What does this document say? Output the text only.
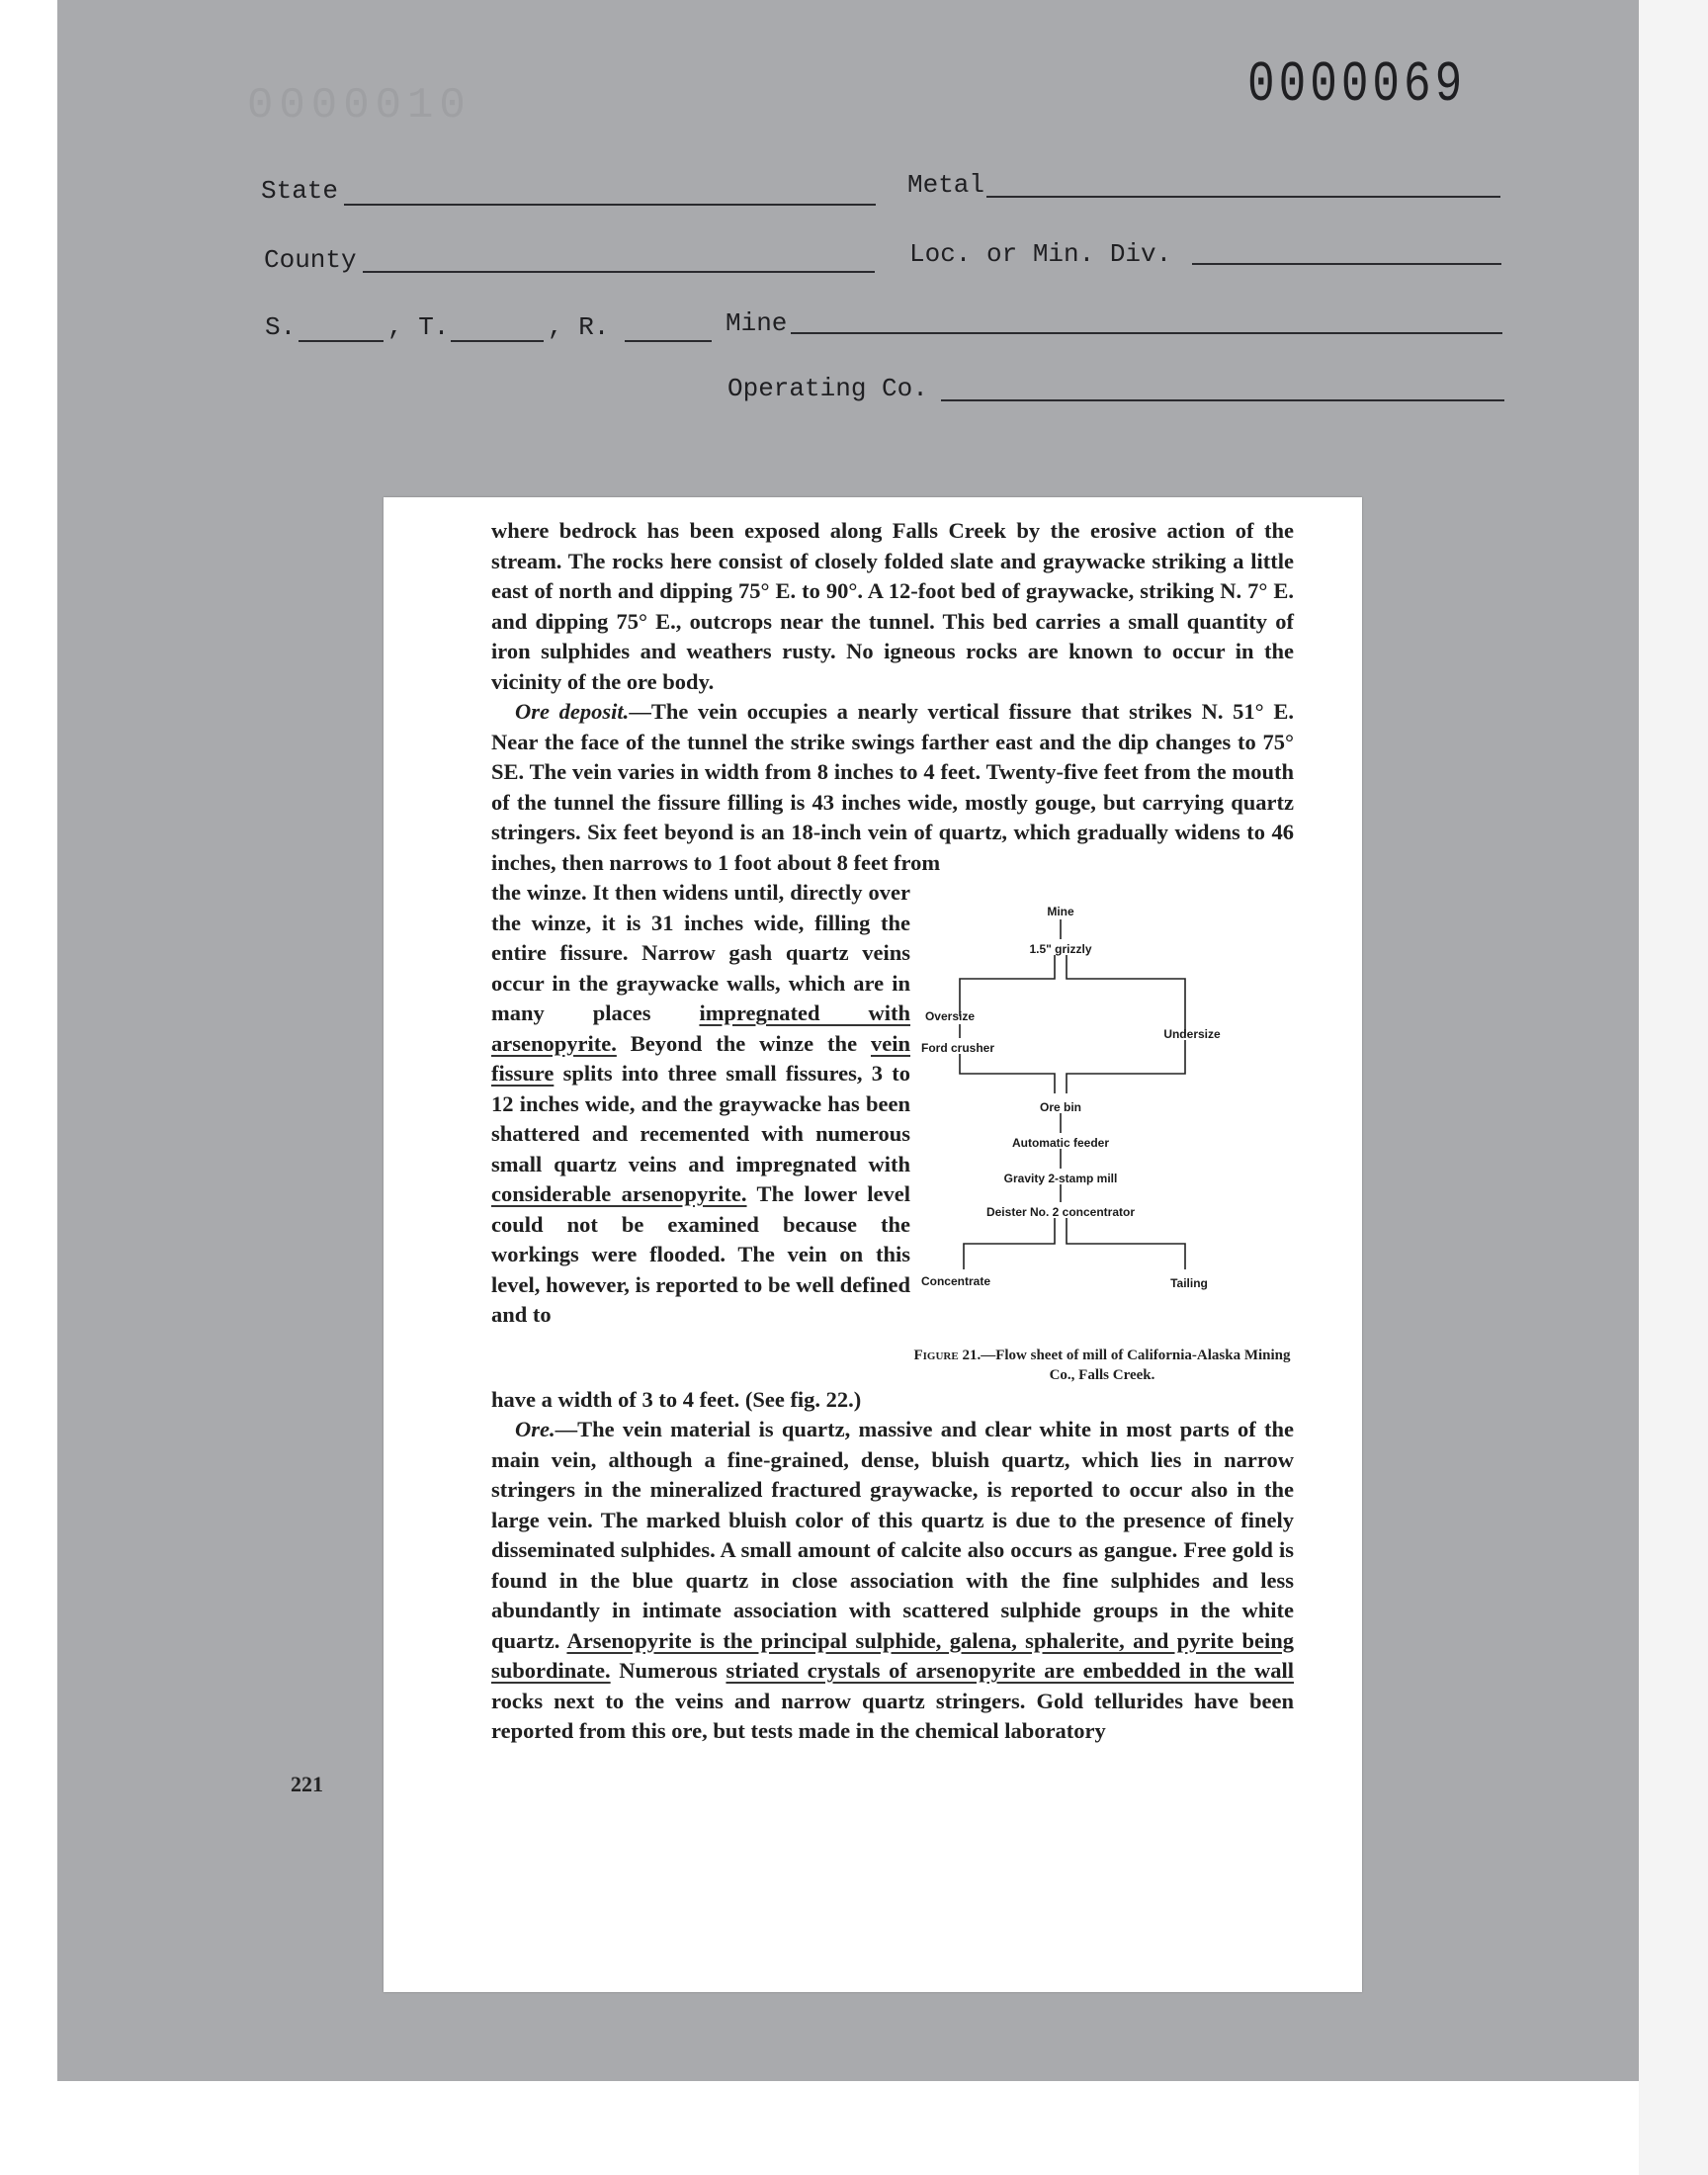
0000010	0000069
State	Metal
County	Loc. or Min. Div.
S.	, T.	, R.	Mine
Operating Co.

where bedrock has been exposed along Falls Creek by the erosive action of the stream. The rocks here consist of closely folded slate and graywacke striking a little east of north and dipping 75° E. to 90°. A 12-foot bed of graywacke, striking N. 7° E. and dipping 75° E., outcrops near the tunnel. This bed carries a small quantity of iron sulphides and weathers rusty. No igneous rocks are known to occur in the vicinity of the ore body.

Ore deposit.—The vein occupies a nearly vertical fissure that strikes N. 51° E. Near the face of the tunnel the strike swings farther east and the dip changes to 75° SE. The vein varies in width from 8 inches to 4 feet. Twenty-five feet from the mouth of the tunnel the fissure filling is 43 inches wide, mostly gouge, but carrying quartz stringers. Six feet beyond is an 18-inch vein of quartz, which gradually widens to 46 inches, then narrows to 1 foot about 8 feet from

the winze. It then widens until, directly over the winze, it is 31 inches wide, filling the entire fissure. Narrow gash quartz veins occur in the graywacke walls, which are in many places impregnated with arsenopyrite. Beyond the winze the vein fissure splits into three small fissures, 3 to 12 inches wide, and the graywacke has been shattered and recemented with numerous small quartz veins and impregnated with considerable arsenopyrite. The lower level could not be examined because the workings were flooded. The vein on this level, however, is reported to be well defined and to
Mine
1.5" grizzly
Oversize
Undersize
Ford crusher
Ore bin
Automatic feeder
Gravity 2-stamp mill
Deister No. 2 concentrator
Concentrate	Tailing
Figure 21.—Flow sheet of mill of California-Alaska Mining Co., Falls Creek.

have a width of 3 to 4 feet. (See fig. 22.)

Ore.—The vein material is quartz, massive and clear white in most parts of the main vein, although a fine-grained, dense, bluish quartz, which lies in narrow stringers in the mineralized fractured graywacke, is reported to occur also in the large vein. The marked bluish color of this quartz is due to the presence of finely disseminated sulphides. A small amount of calcite also occurs as gangue. Free gold is found in the blue quartz in close association with the fine sulphides and less abundantly in intimate association with scattered sulphide groups in the white quartz. Arsenopyrite is the principal sulphide, galena, sphalerite, and pyrite being subordinate. Numerous striated crystals of arsenopyrite are embedded in the wall rocks next to the veins and narrow quartz stringers. Gold tellurides have been reported from this ore, but tests made in the chemical laboratory

221
